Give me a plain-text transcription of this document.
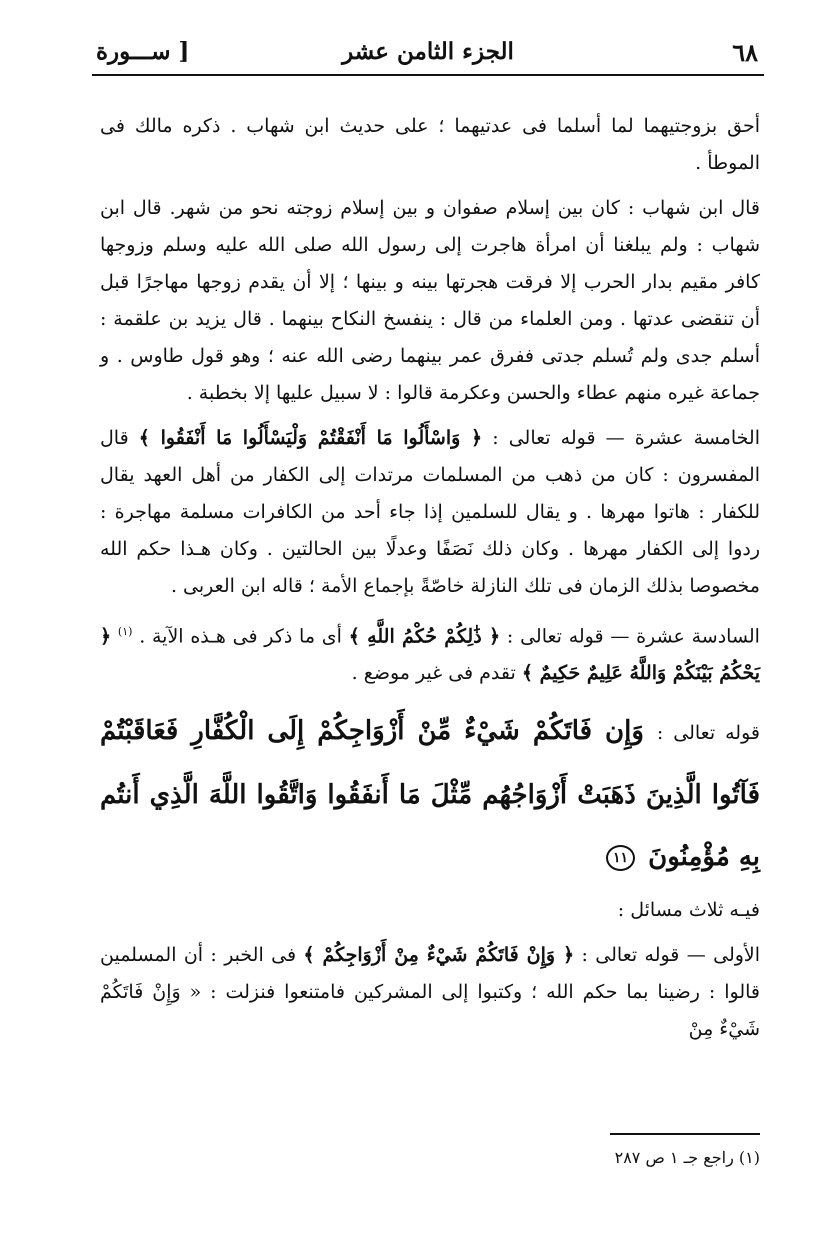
٦٨
الجزء الثامن عشر
[ ســـورة

أحق بزوجتيهما لما أسلما فى عدتيهما ؛ على حديث ابن شهاب . ذكره مالك فى الموطأ .

قال ابن شهاب : كان بين إسلام صفوان و بين إسلام زوجته نحو من شهر. قال ابن شهاب : ولم يبلغنا أن امرأة هاجرت إلى رسول الله صلى الله عليه وسلم وزوجها كافر مقيم بدار الحرب إلا فرقت هجرتها بينه و بينها ؛ إلا أن يقدم زوجها مهاجرًا قبل أن تنقضى عدتها . ومن العلماء من قال : ينفسخ النكاح بينهما . قال يزيد بن علقمة : أسلم جدى ولم تُسلم جدتى ففرق عمر بينهما رضى الله عنه ؛ وهو قول طاوس . و جماعة غيره منهم عطاء والحسن وعكرمة قالوا : لا سبيل عليها إلا بخطبة .

الخامسة عشرة — قوله تعالى : ﴿ وَاسْأَلُوا مَا أَنْفَقْتُمْ وَلْيَسْأَلُوا مَا أَنْفَقُوا ﴾ قال المفسرون : كان من ذهب من المسلمات مرتدات إلى الكفار من أهل العهد يقال للكفار : هاتوا مهرها . و يقال للسلمين إذا جاء أحد من الكافرات مسلمة مهاجرة : ردوا إلى الكفار مهرها . وكان ذلك نَصَفًا وعدلًا بين الحالتين . وكان هـذا حكم الله مخصوصا بذلك الزمان فى تلك النازلة خاصّةً بإجماع الأمة ؛ قاله ابن العربى .

السادسة عشرة — قوله تعالى : ﴿ ذَٰلِكُمْ حُكْمُ اللَّهِ ﴾ أى ما ذكر فى هـذه الآية . $^{(١)}$ ﴿ يَحْكُمُ بَيْنَكُمْ وَاللَّهُ عَلِيمٌ حَكِيمٌ ﴾ تقدم فى غير موضع .

قوله تعالى : وَإِن فَاتَكُمْ شَيْءٌ مِّنْ أَزْوَاجِكُمْ إِلَى الْكُفَّارِ فَعَاقَبْتُمْ فَآتُوا الَّذِينَ ذَهَبَتْ أَزْوَاجُهُم مِّثْلَ مَا أَنفَقُوا وَاتَّقُوا اللَّهَ الَّذِي أَنتُم بِهِ مُؤْمِنُونَ ١١

فيـه ثلاث مسائل :

الأولى — قوله تعالى : ﴿ وَإِنْ فَاتَكُمْ شَيْءٌ مِنْ أَزْوَاجِكُمْ ﴾ فى الخبر : أن المسلمين قالوا : رضينا بما حكم الله ؛ وكتبوا إلى المشركين فامتنعوا فنزلت : « وَإِنْ فَاتَكُمْ شَيْءٌ مِنْ

(١) راجع جـ ١ ص ٢٨٧
